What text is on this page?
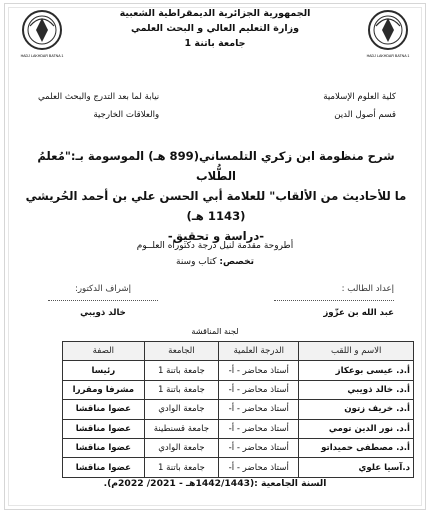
HADJ LAKHDAR BATNA 1	HADJ LAKHDAR BATNA 1
الجمهورية الجزائرية الديمقراطية الشعبية
وزارة التعليم العالي و البحث العلمي
جامعة باتنة 1
كلية العلوم الإسلامية
قسم أصول الدين
نيابة لما بعد التدرج والبحث العلمي
والعلاقات الخارجية
شرح منظومة ابن زكري التلمساني(899 هـ) الموسومة بـ:"مُعلمُ الطُّلاب
ما للأحاديث من الألقاب" للعلامة أبي الحسن علي بن أحمد الحُريشي (1143 هـ)
-دراسة و تحقيق-
أطروحة مقدمة لنيل درجة دكتوراه العلــوم
تخصص: كتاب وسنة
إعداد الطالب :
عبد الله بن عزّوز
إشراف الدكتور:
خالد ذويبي
لجنة المناقشة
الاسم و اللقب	الدرجة العلمية	الجامعة	الصفة
أ.د. عيسى بوعكاز	أستاذ محاضر - أ-	جامعة باتنة 1	رئيسا
أ.د. خالد ذويبي	أستاذ محاضر - أ-	جامعة باتنة 1	مشرفا ومقررا
أ.د. خريف زتون	أستاذ محاضر - أ-	جامعة الوادي	عضوا مناقشا
أ.د. نور الدين تومي	أستاذ محاضر - أ-	جامعة قسنطينة	عضوا مناقشا
أ.د. مصطفى حميداتو	أستاذ محاضر - أ-	جامعة الوادي	عضوا مناقشا
د.آسيا علوي	أستاذ محاضر - أ-	جامعة باتنة 1	عضوا مناقشا
السنة الجامعية :(1442/1443هـ - 2021/ 2022م).
